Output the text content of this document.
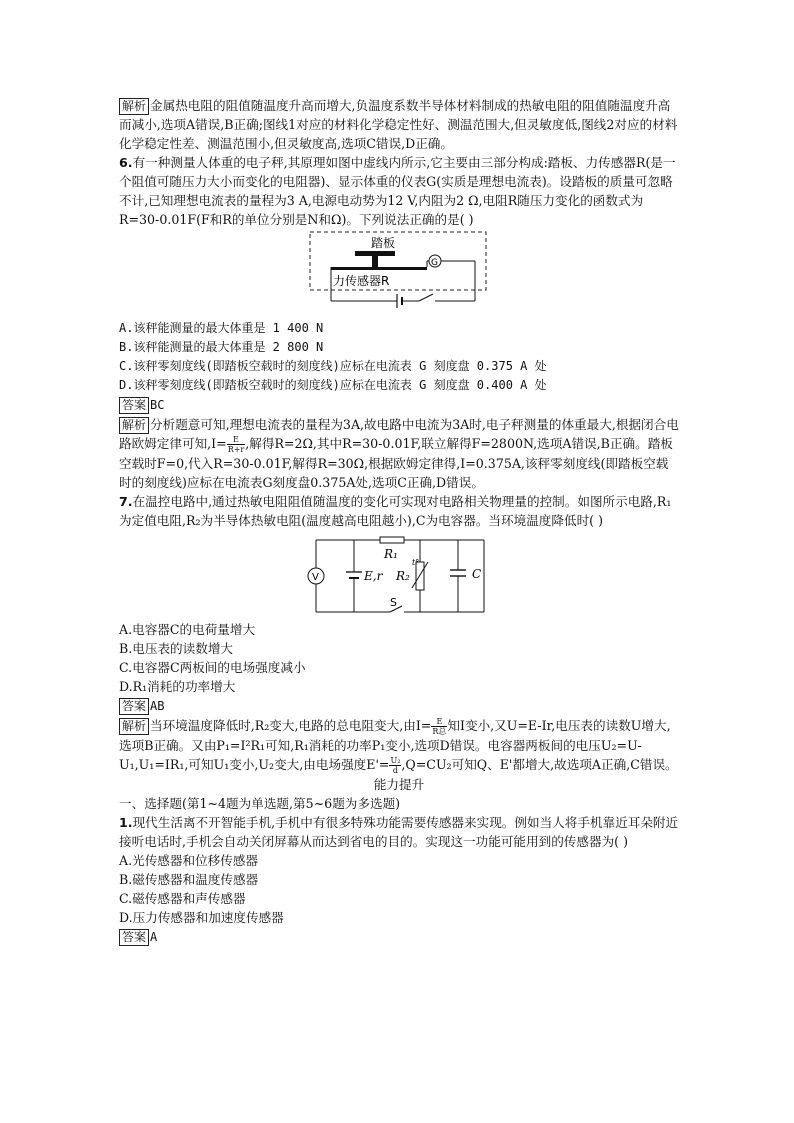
解析 金属热电阻的阻值随温度升高而增大,负温度系数半导体材料制成的热敏电阻的阻值随温度升高而减小,选项A错误,B正确;图线1对应的材料化学稳定性好、测温范围大,但灵敏度低,图线2对应的材料化学稳定性差、测温范围小,但灵敏度高,选项C错误,D正确。

6.有一种测量人体重的电子秤,其原理如图中虚线内所示,它主要由三部分构成:踏板、力传感器R(是一个阻值可随压力大小而变化的电阻器)、显示体重的仪表G(实质是理想电流表)。设踏板的质量可忽略不计,已知理想电流表的量程为3 A,电源电动势为12 V,内阻为2 Ω,电阻R随压力变化的函数式为R=30-0.01F(F和R的单位分别是N和Ω)。下列说法正确的是( )

踏板
G
力传感器R

A.该秤能测量的最大体重是 1 400 N

B.该秤能测量的最大体重是 2 800 N

C.该秤零刻度线(即踏板空载时的刻度线)应标在电流表 G 刻度盘 0.375 A 处

D.该秤零刻度线(即踏板空载时的刻度线)应标在电流表 G 刻度盘 0.400 A 处

答案 BC

解析 分析题意可知,理想电流表的量程为3A,故电路中电流为3A时,电子秤测量的体重最大,根据闭合电路欧姆定律可知$,I= \frac{E}{R+r}$ ,解得R=2Ω,其中R=30-0.01F,联立解得F=2800N,选项A错误,B正确。踏板空载时F=0,代入R=30-0.01F,解得R=30Ω,根据欧姆定律得,I=0.375A,该秤零刻度线(即踏板空载时的刻度线)应标在电流表G刻度盘0.375A处,选项C正确,D错误。

7.在温控电路中,通过热敏电阻阻值随温度的变化可实现对电路相关物理量的控制。如图所示电路,R₁为定值电阻,R₂为半导体热敏电阻(温度越高电阻越小),C为电容器。当环境温度降低时( )

S
V	E,r
R₁
R₂
t°
C

A.电容器C的电荷量增大

B.电压表的读数增大

C.电容器C两板间的电场强度减小

D.R₁消耗的功率增大

答案 AB

解析 当环境温度降低时,R₂变大,电路的总电阻变大,由$I= \frac{E}{\text{R总}}$ 知I变小,又U=E-Ir,电压表的读数U增大,选项B正确。又由P₁=I²R₁可知,R₁消耗的功率P₁变小,选项D错误。电容器两板间的电压U₂=U-U₁,U₁=IR₁,可知U₁变小,U₂变大,由电场强度$E'= \frac{\text{U₂}}{d} ,Q=CU_2$可知Q、E'都增大,故选项A正确,C错误。

能力提升

一、选择题(第1~4题为单选题,第5~6题为多选题)

1.现代生活离不开智能手机,手机中有很多特殊功能需要传感器来实现。例如当人将手机靠近耳朵附近接听电话时,手机会自动关闭屏幕从而达到省电的目的。实现这一功能可能用到的传感器为( )

A.光传感器和位移传感器

B.磁传感器和温度传感器

C.磁传感器和声传感器

D.压力传感器和加速度传感器

答案 A
